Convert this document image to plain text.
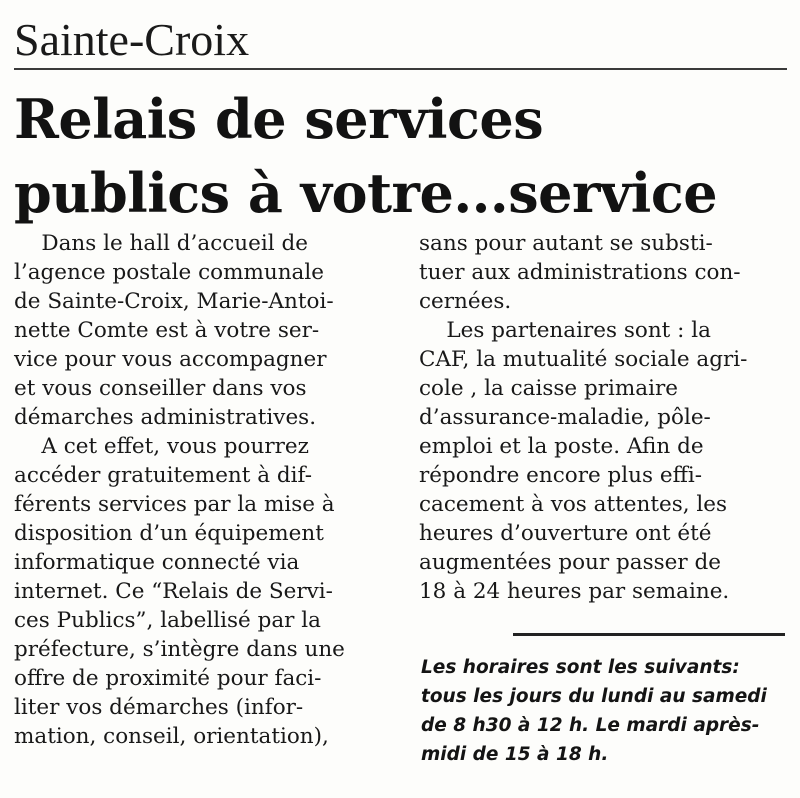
Sainte-Croix
Relais de services
publics à votre...service
Dans le hall d’accueil de
l’agence postale communale
de Sainte-Croix, Marie-Antoi-
nette Comte est à votre ser-
vice pour vous accompagner
et vous conseiller dans vos
démarches administratives.
A cet effet, vous pourrez
accéder gratuitement à dif-
férents services par la mise à
disposition d’un équipement
informatique connecté via
internet. Ce “Relais de Servi-
ces Publics”, labellisé par la
préfecture, s’intègre dans une
offre de proximité pour faci-
liter vos démarches (infor-
mation, conseil, orientation),
sans pour autant se substi-
tuer aux administrations con-
cernées.
Les partenaires sont : la
CAF, la mutualité sociale agri-
cole , la caisse primaire
d’assurance-maladie, pôle-
emploi et la poste. Afin de
répondre encore plus effi-
cacement à vos attentes, les
heures d’ouverture ont été
augmentées pour passer de
18 à 24 heures par semaine.
Les horaires sont les suivants:
tous les jours du lundi au samedi
de 8 h30 à 12 h. Le mardi après-
midi de 15 à 18 h.
